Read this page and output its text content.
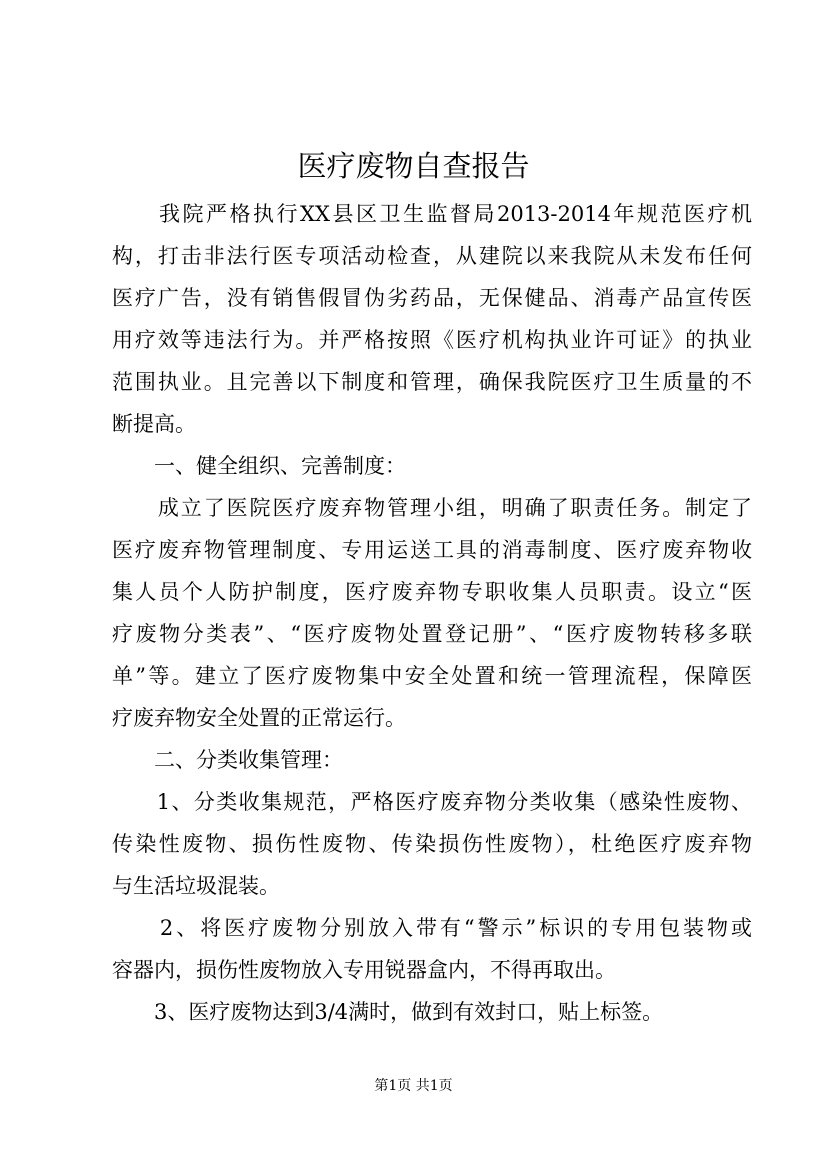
医疗废物自查报告
　　我院严格执行XX县区卫生监督局2013-2014年规范医疗机
构，打击非法行医专项活动检查，从建院以来我院从未发布任何
医疗广告，没有销售假冒伪劣药品，无保健品、消毒产品宣传医
用疗效等违法行为。并严格按照《医疗机构执业许可证》的执业
范围执业。且完善以下制度和管理，确保我院医疗卫生质量的不
断提高。
　　一、健全组织、完善制度：
　　成立了医院医疗废弃物管理小组，明确了职责任务。制定了
医疗废弃物管理制度、专用运送工具的消毒制度、医疗废弃物收
集人员个人防护制度，医疗废弃物专职收集人员职责。设立“医
疗废物分类表”、“医疗废物处置登记册”、“医疗废物转移多联
单”等。建立了医疗废物集中安全处置和统一管理流程，保障医
疗废弃物安全处置的正常运行。
　　二、分类收集管理：
　　1、分类收集规范，严格医疗废弃物分类收集（感染性废物、
传染性废物、损伤性废物、传染损伤性废物），杜绝医疗废弃物
与生活垃圾混装。
　　2、将医疗废物分别放入带有“警示”标识的专用包装物或
容器内，损伤性废物放入专用锐器盒内，不得再取出。
　　3、医疗废物达到3/4满时，做到有效封口，贴上标签。
第1页 共1页
